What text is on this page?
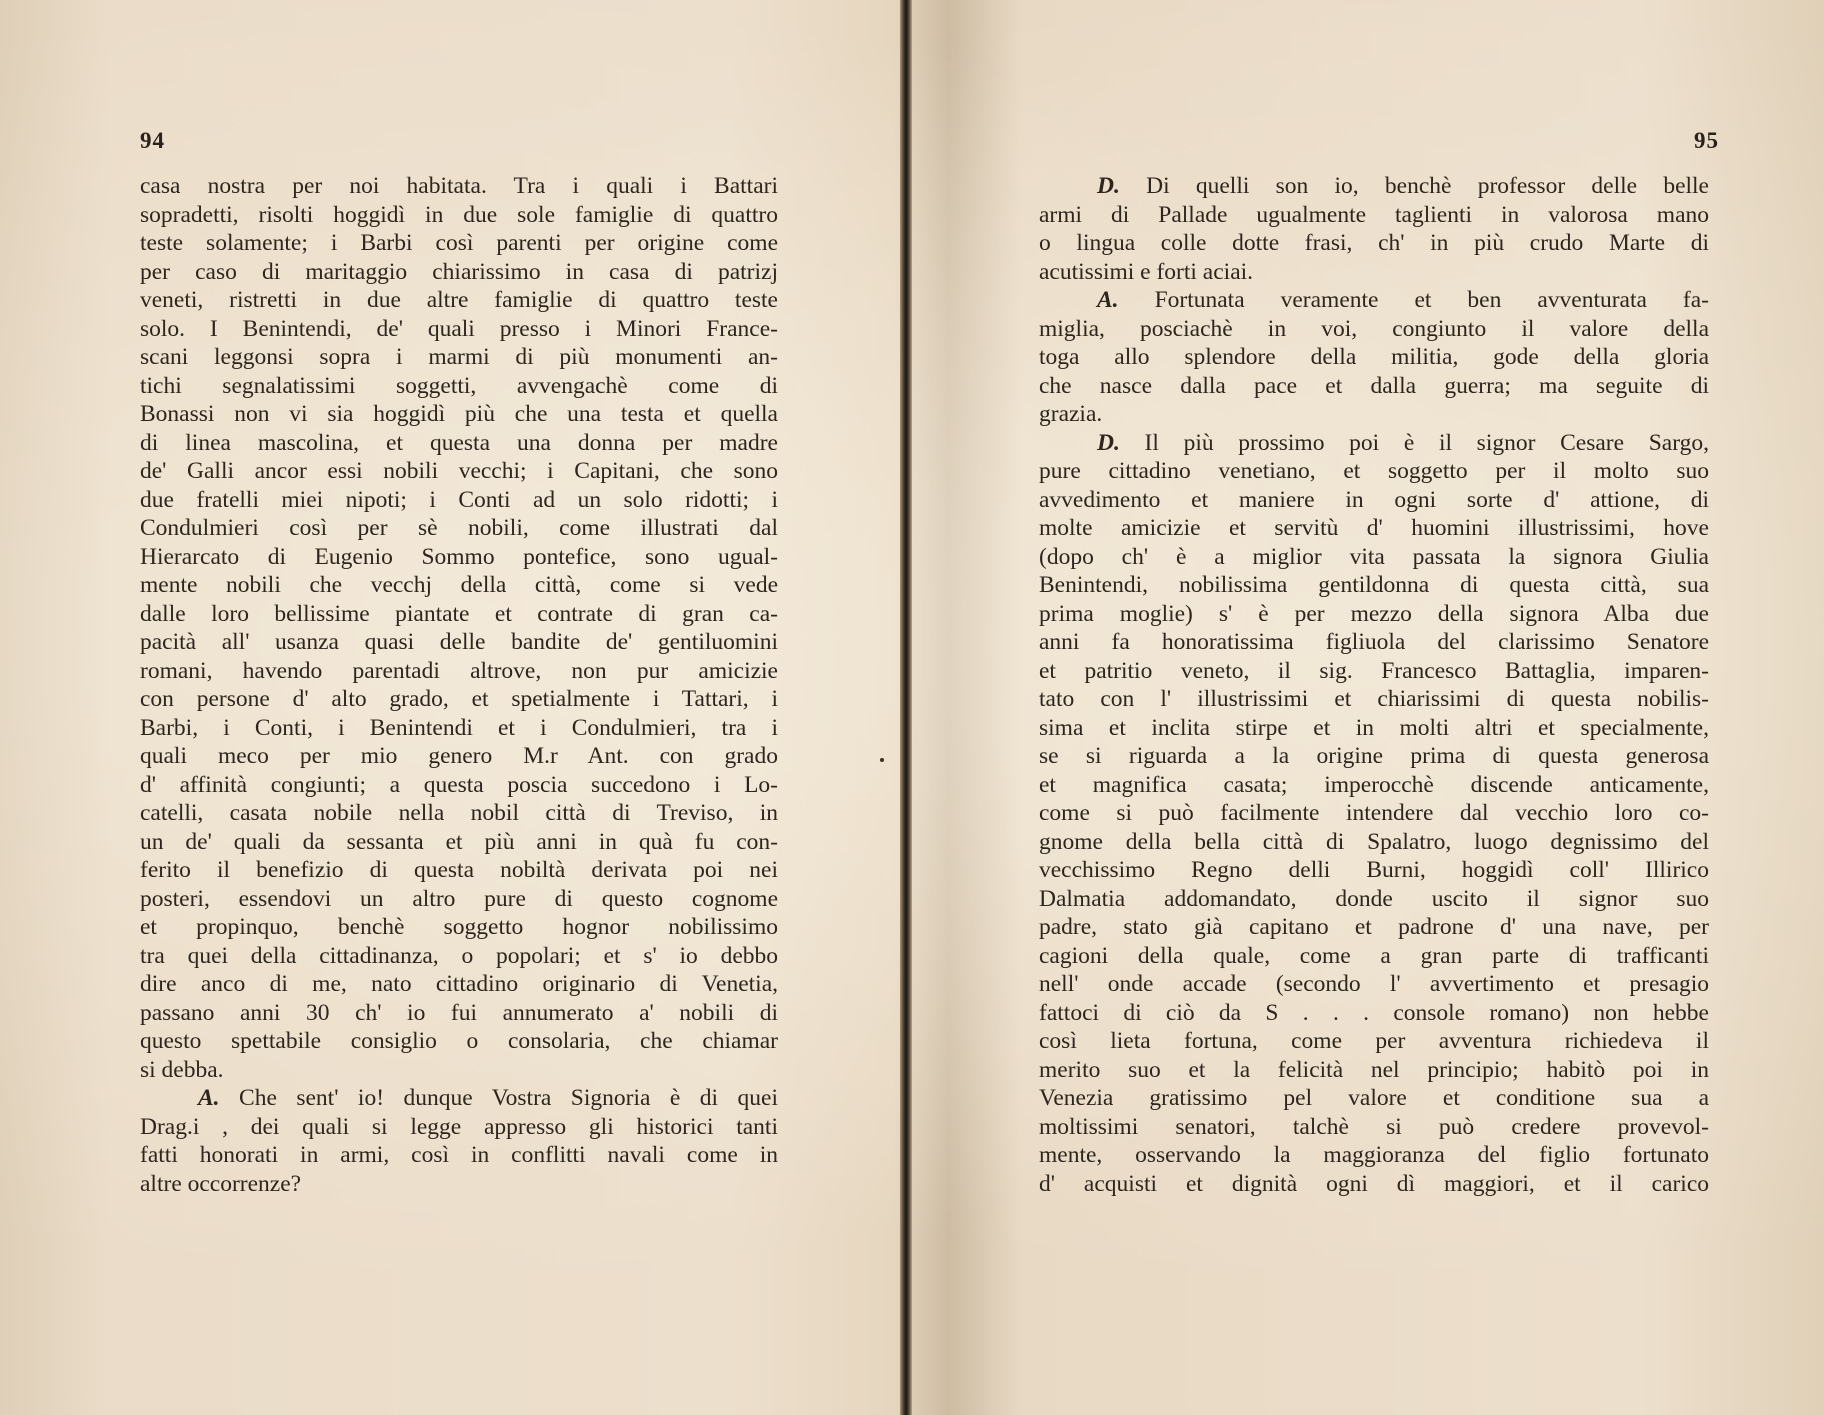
94
casa nostra per noi habitata. Tra i quali i Battari
sopradetti, risolti hoggidì in due sole famiglie di quattro
teste solamente; i Barbi così parenti per origine come
per caso di maritaggio chiarissimo in casa di patrizj
veneti, ristretti in due altre famiglie di quattro teste
solo. I Benintendi, de' quali presso i Minori France-
scani leggonsi sopra i marmi di più monumenti an-
tichi segnalatissimi soggetti, avvengachè come di
Bonassi non vi sia hoggidì più che una testa et quella
di linea mascolina, et questa una donna per madre
de' Galli ancor essi nobili vecchi; i Capitani, che sono
due fratelli miei nipoti; i Conti ad un solo ridotti; i
Condulmieri così per sè nobili, come illustrati dal
Hierarcato di Eugenio Sommo pontefice, sono ugual-
mente nobili che vecchj della città, come si vede
dalle loro bellissime piantate et contrate di gran ca-
pacità all' usanza quasi delle bandite de' gentiluomini
romani, havendo parentadi altrove, non pur amicizie
con persone d' alto grado, et spetialmente i Tattari, i
Barbi, i Conti, i Benintendi et i Condulmieri, tra i
quali meco per mio genero M.r Ant. con grado
d' affinità congiunti; a questa poscia succedono i Lo-
catelli, casata nobile nella nobil città di Treviso, in
un de' quali da sessanta et più anni in quà fu con-
ferito il benefizio di questa nobiltà derivata poi nei
posteri, essendovi un altro pure di questo cognome
et propinquo, benchè soggetto hognor nobilissimo
tra quei della cittadinanza, o popolari; et s' io debbo
dire anco di me, nato cittadino originario di Venetia,
passano anni 30 ch' io fui annumerato a' nobili di
questo spettabile consiglio o consolaria, che chiamar
si debba.
A. Che sent' io! dunque Vostra Signoria è di quei
Drag.i , dei quali si legge appresso gli historici tanti
fatti honorati in armi, così in conflitti navali come in
altre occorrenze?
95
D. Di quelli son io, benchè professor delle belle
armi di Pallade ugualmente taglienti in valorosa mano
o lingua colle dotte frasi, ch' in più crudo Marte di
acutissimi e forti aciai.
A. Fortunata veramente et ben avventurata fa-
miglia, posciachè in voi, congiunto il valore della
toga allo splendore della militia, gode della gloria
che nasce dalla pace et dalla guerra; ma seguite di
grazia.
D. Il più prossimo poi è il signor Cesare Sargo,
pure cittadino venetiano, et soggetto per il molto suo
avvedimento et maniere in ogni sorte d' attione, di
molte amicizie et servitù d' huomini illustrissimi, hove
(dopo ch' è a miglior vita passata la signora Giulia
Benintendi, nobilissima gentildonna di questa città, sua
prima moglie) s' è per mezzo della signora Alba due
anni fa honoratissima figliuola del clarissimo Senatore
et patritio veneto, il sig. Francesco Battaglia, imparen-
tato con l' illustrissimi et chiarissimi di questa nobilis-
sima et inclita stirpe et in molti altri et specialmente,
se si riguarda a la origine prima di questa generosa
et magnifica casata; imperocchè discende anticamente,
come si può facilmente intendere dal vecchio loro co-
gnome della bella città di Spalatro, luogo degnissimo del
vecchissimo Regno delli Burni, hoggidì coll' Illirico
Dalmatia addomandato, donde uscito il signor suo
padre, stato già capitano et padrone d' una nave, per
cagioni della quale, come a gran parte di trafficanti
nell' onde accade (secondo l' avvertimento et presagio
fattoci di ciò da S . . . console romano) non hebbe
così lieta fortuna, come per avventura richiedeva il
merito suo et la felicità nel principio; habitò poi in
Venezia gratissimo pel valore et conditione sua a
moltissimi senatori, talchè si può credere provevol-
mente, osservando la maggioranza del figlio fortunato
d' acquisti et dignità ogni dì maggiori, et il carico
